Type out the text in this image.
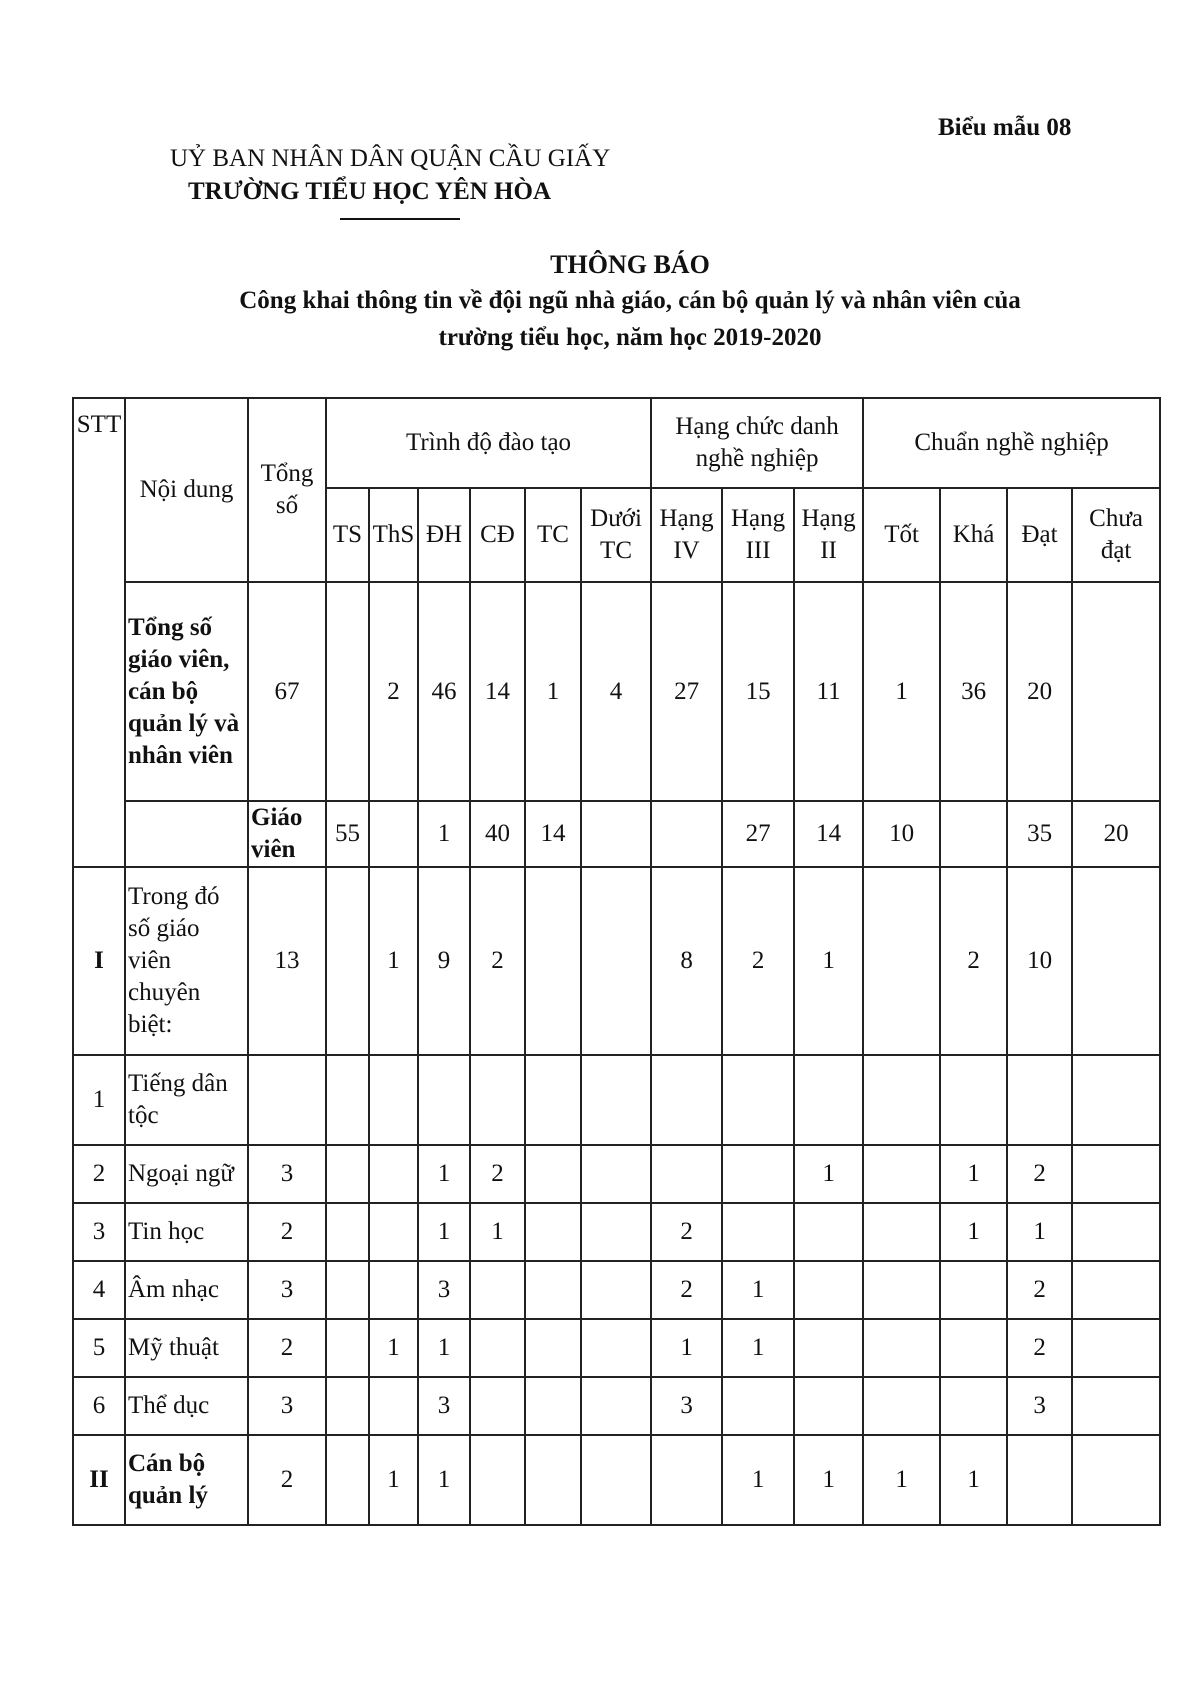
Biểu mẫu 08
UỶ BAN NHÂN DÂN QUẬN CẦU GIẤY
TRƯỜNG TIỂU HỌC YÊN HÒA
THÔNG BÁO
Công khai thông tin về đội ngũ nhà giáo, cán bộ quản lý và nhân viên của
trường tiểu học, năm học 2019-2020
STT	Nội dung	Tổng số	Trình độ đào tạo						Hạng chức danh nghề nghiệp			Chuẩn nghề nghiệp				
			TS	ThS	ĐH	CĐ	TC	Dưới TC	Hạng IV	Hạng III	Hạng II	Tốt	Khá	Đạt	Chưa đạt	
	Tổng số giáo viên, cán bộ quản lý và nhân viên	67		2	46	14	1	4	27	15	11	1	36	20		
		Giáo viên	55		1	40	14			27	14	10		35	20	
I	Trong đó số giáo viên chuyên biệt:	13		1	9	2			8	2	1		2	10		
1	Tiếng dân tộc															
2	Ngoại ngữ	3			1	2					1		1	2		
3	Tin học	2			1	1			2				1	1		
4	Âm nhạc	3			3				2	1				2		
5	Mỹ thuật	2		1	1				1	1				2		
6	Thể dục	3			3				3					3		
II	Cán bộ quản lý	2		1	1					1	1	1	1			
